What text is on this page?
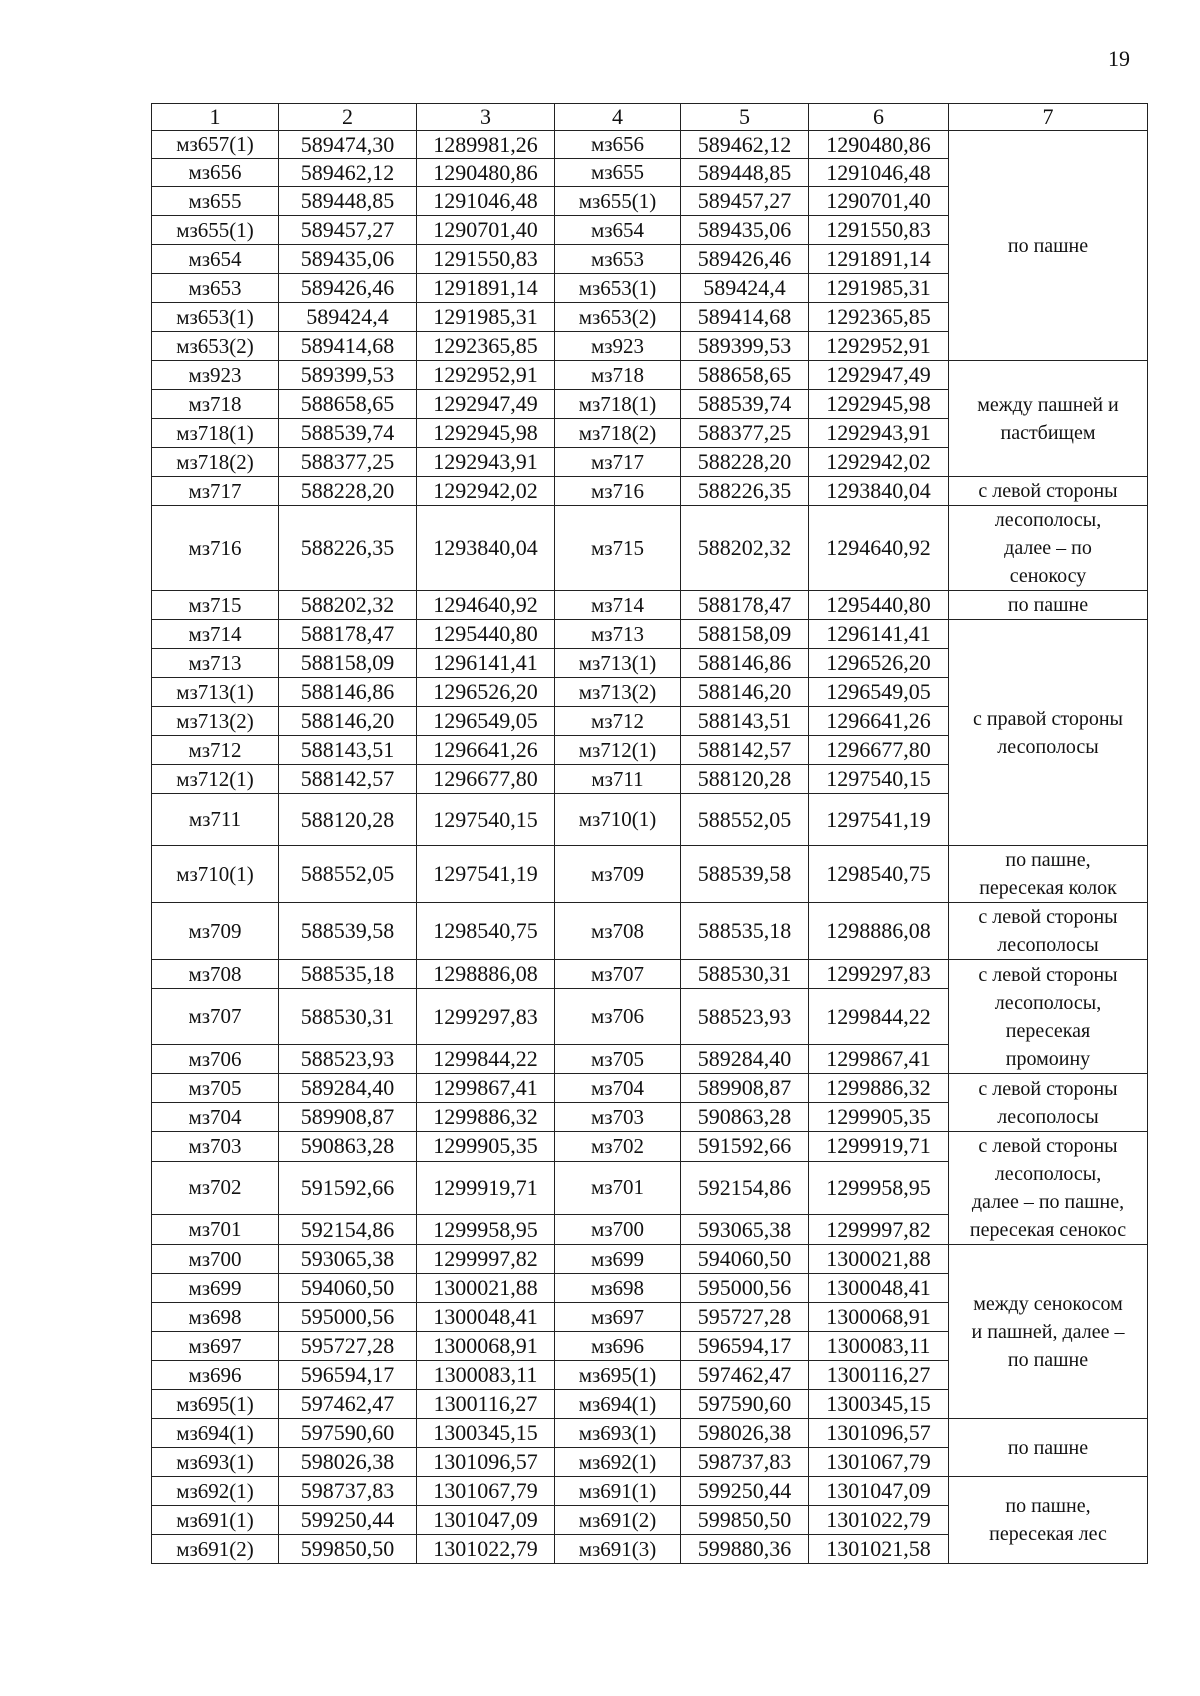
19
1	2	3	4	5	6	7
мз657(1)	589474,30	1289981,26	мз656	589462,12	1290480,86	по пашне

мз656	589462,12	1290480,86	мз655	589448,85	1291046,48	
мз655	589448,85	1291046,48	мз655(1)	589457,27	1290701,40	
мз655(1)	589457,27	1290701,40	мз654	589435,06	1291550,83	
мз654	589435,06	1291550,83	мз653	589426,46	1291891,14	
мз653	589426,46	1291891,14	мз653(1)	589424,4	1291985,31	
мз653(1)	589424,4	1291985,31	мз653(2)	589414,68	1292365,85	
мз653(2)	589414,68	1292365,85	мз923	589399,53	1292952,91	
мз923	589399,53	1292952,91	мз718	588658,65	1292947,49	между пашней и
пастбищем

мз718	588658,65	1292947,49	мз718(1)	588539,74	1292945,98	
мз718(1)	588539,74	1292945,98	мз718(2)	588377,25	1292943,91	
мз718(2)	588377,25	1292943,91	мз717	588228,20	1292942,02	
мз717	588228,20	1292942,02	мз716	588226,35	1293840,04	с левой стороны

мз716	588226,35	1293840,04	мз715	588202,32	1294640,92	лесополосы,
далее – по
сенокосу

мз715	588202,32	1294640,92	мз714	588178,47	1295440,80	по пашне

мз714	588178,47	1295440,80	мз713	588158,09	1296141,41	с правой стороны
лесополосы

мз713	588158,09	1296141,41	мз713(1)	588146,86	1296526,20	
мз713(1)	588146,86	1296526,20	мз713(2)	588146,20	1296549,05	
мз713(2)	588146,20	1296549,05	мз712	588143,51	1296641,26	
мз712	588143,51	1296641,26	мз712(1)	588142,57	1296677,80	
мз712(1)	588142,57	1296677,80	мз711	588120,28	1297540,15	
мз711	588120,28	1297540,15	мз710(1)	588552,05	1297541,19	
мз710(1)	588552,05	1297541,19	мз709	588539,58	1298540,75	по пашне,
пересекая колок

мз709	588539,58	1298540,75	мз708	588535,18	1298886,08	с левой стороны
лесополосы

мз708	588535,18	1298886,08	мз707	588530,31	1299297,83	с левой стороны
лесополосы,
пересекая
промоину

мз707	588530,31	1299297,83	мз706	588523,93	1299844,22	
мз706	588523,93	1299844,22	мз705	589284,40	1299867,41	
мз705	589284,40	1299867,41	мз704	589908,87	1299886,32	с левой стороны
лесополосы

мз704	589908,87	1299886,32	мз703	590863,28	1299905,35	
мз703	590863,28	1299905,35	мз702	591592,66	1299919,71	с левой стороны
лесополосы,
далее – по пашне,
пересекая сенокос

мз702	591592,66	1299919,71	мз701	592154,86	1299958,95	
мз701	592154,86	1299958,95	мз700	593065,38	1299997,82	
мз700	593065,38	1299997,82	мз699	594060,50	1300021,88	между сенокосом
и пашней, далее –
по пашне

мз699	594060,50	1300021,88	мз698	595000,56	1300048,41	
мз698	595000,56	1300048,41	мз697	595727,28	1300068,91	
мз697	595727,28	1300068,91	мз696	596594,17	1300083,11	
мз696	596594,17	1300083,11	мз695(1)	597462,47	1300116,27	
мз695(1)	597462,47	1300116,27	мз694(1)	597590,60	1300345,15	
мз694(1)	597590,60	1300345,15	мз693(1)	598026,38	1301096,57	по пашне

мз693(1)	598026,38	1301096,57	мз692(1)	598737,83	1301067,79	
мз692(1)	598737,83	1301067,79	мз691(1)	599250,44	1301047,09	по пашне,
пересекая лес

мз691(1)	599250,44	1301047,09	мз691(2)	599850,50	1301022,79	
мз691(2)	599850,50	1301022,79	мз691(3)	599880,36	1301021,58	
